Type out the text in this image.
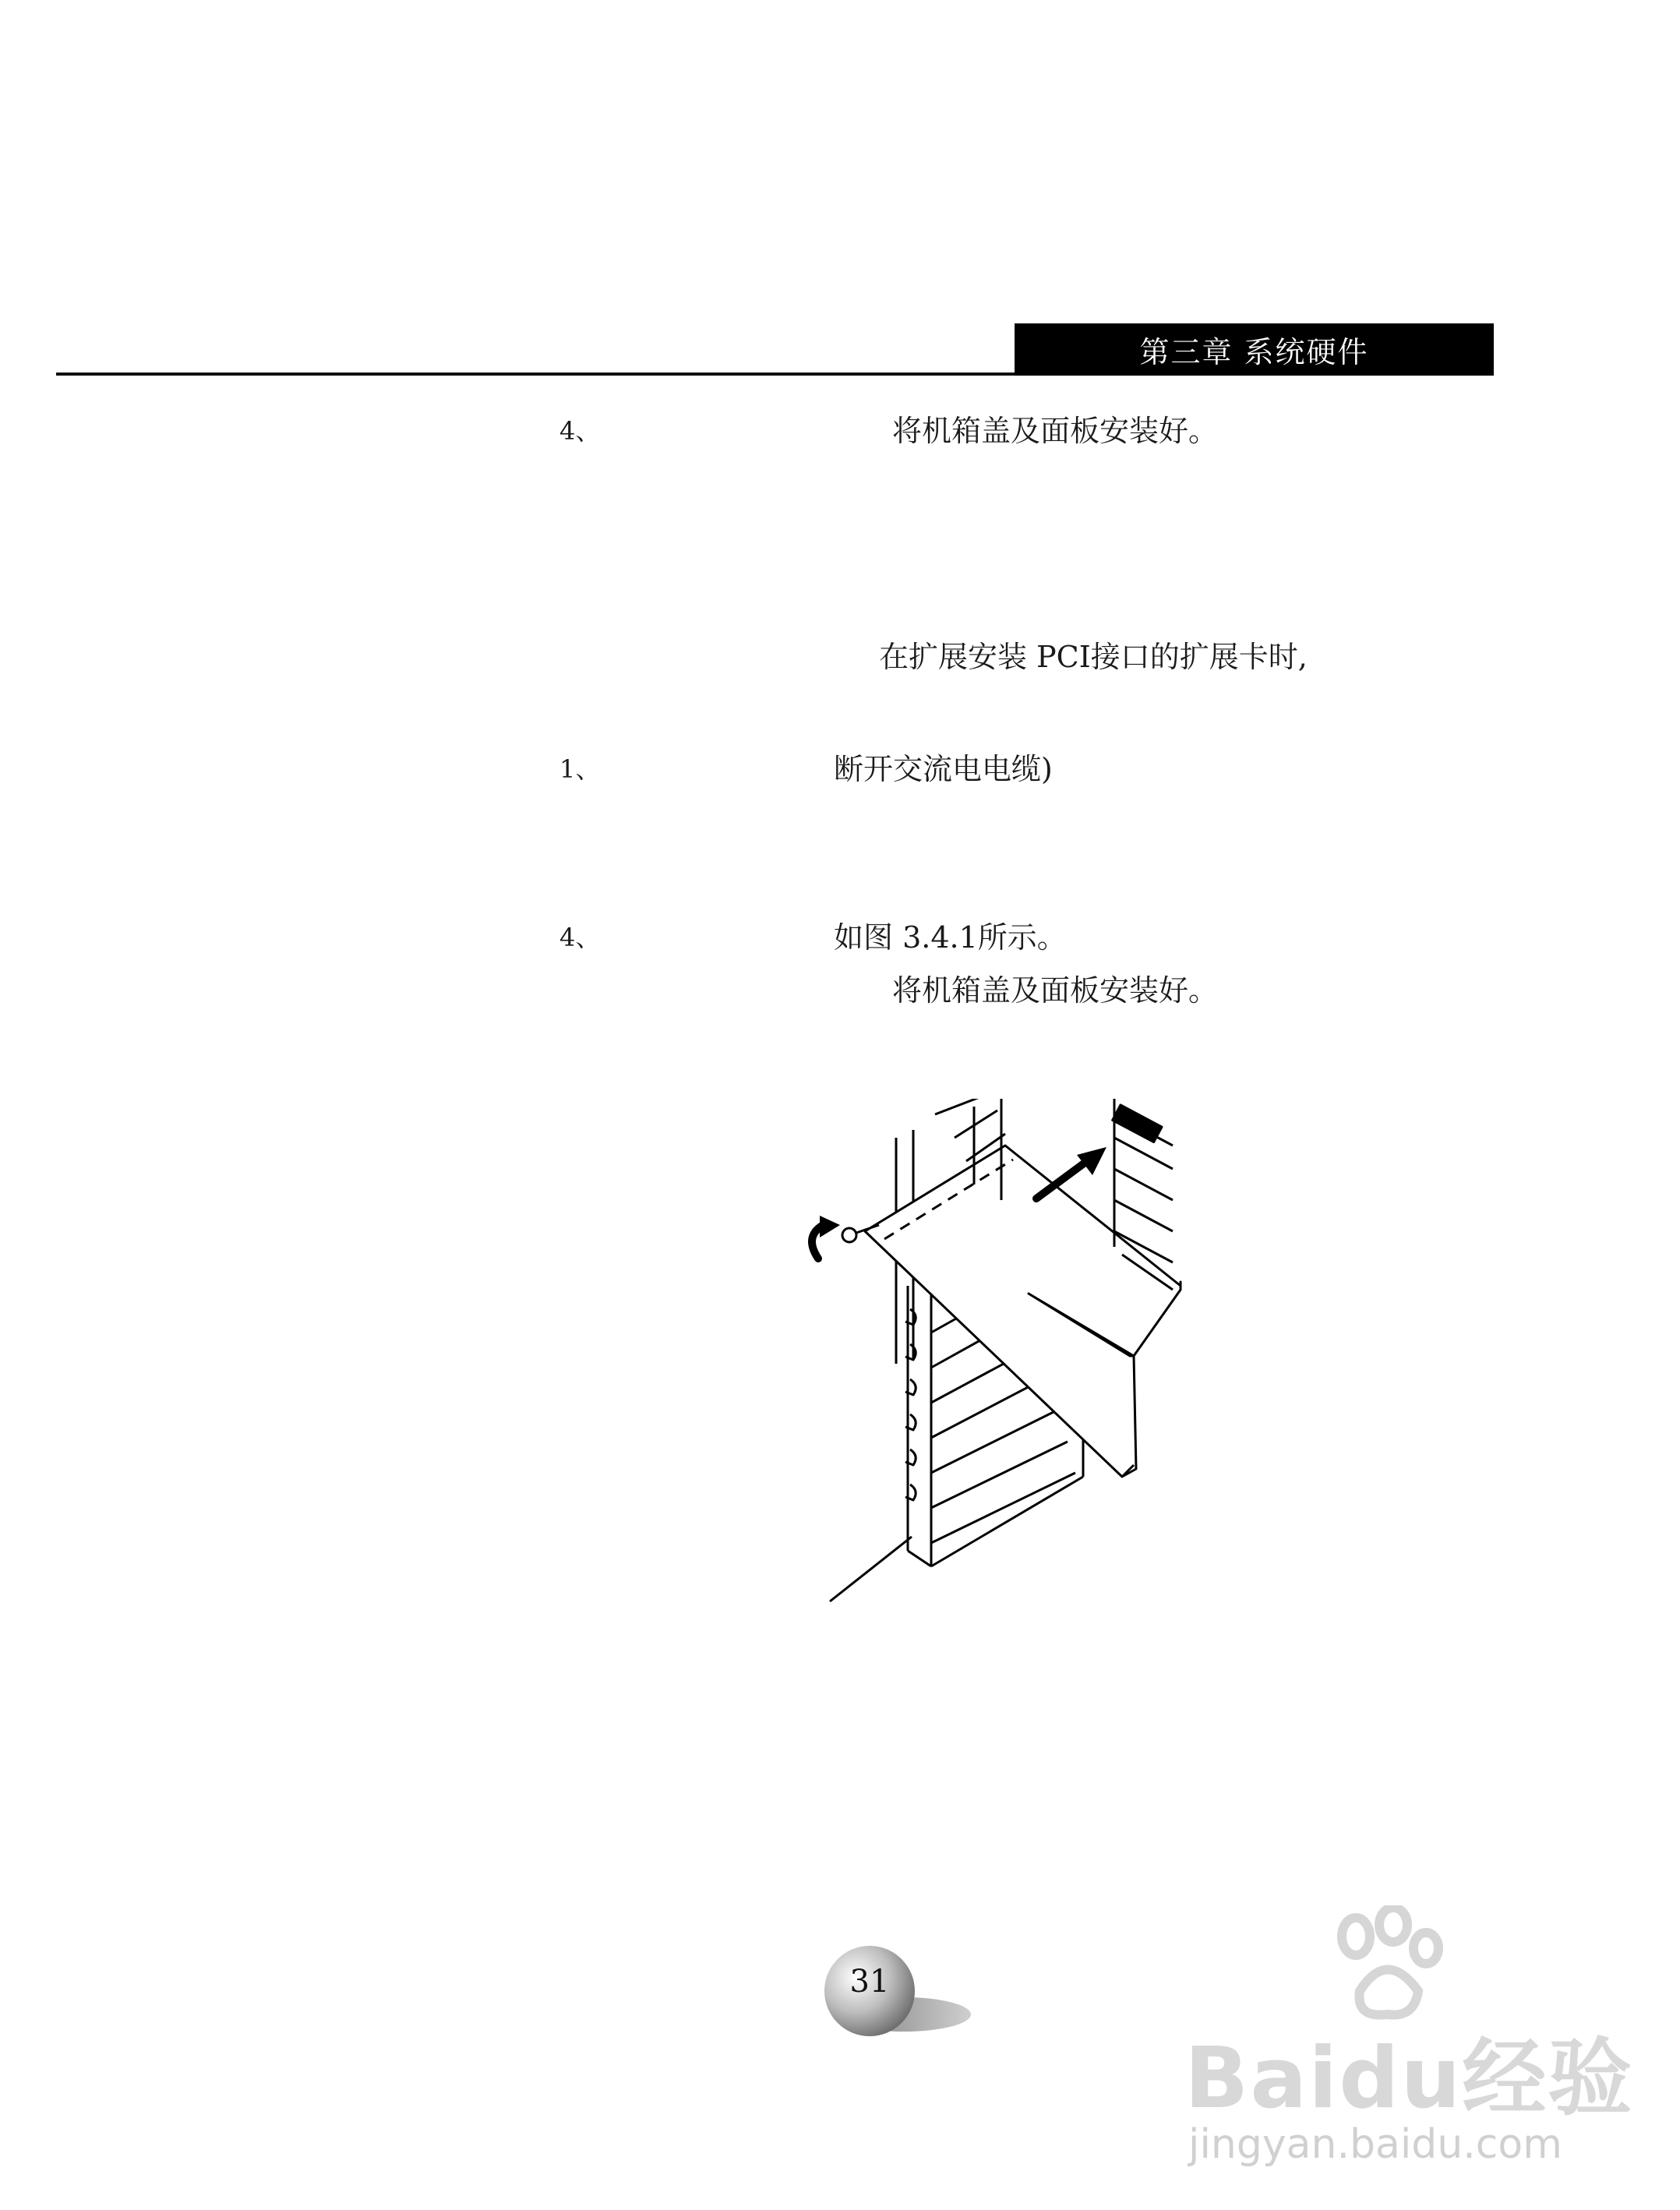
第三章 系统硬件
4、	将机箱盖及面板安装好。
在扩展安装 PCI接口的扩展卡时,
1、	断开交流电电缆)
4、	如图 3.4.1所示。
将机箱盖及面板安装好。
31
Baidu经验
jingyan.baidu.com
